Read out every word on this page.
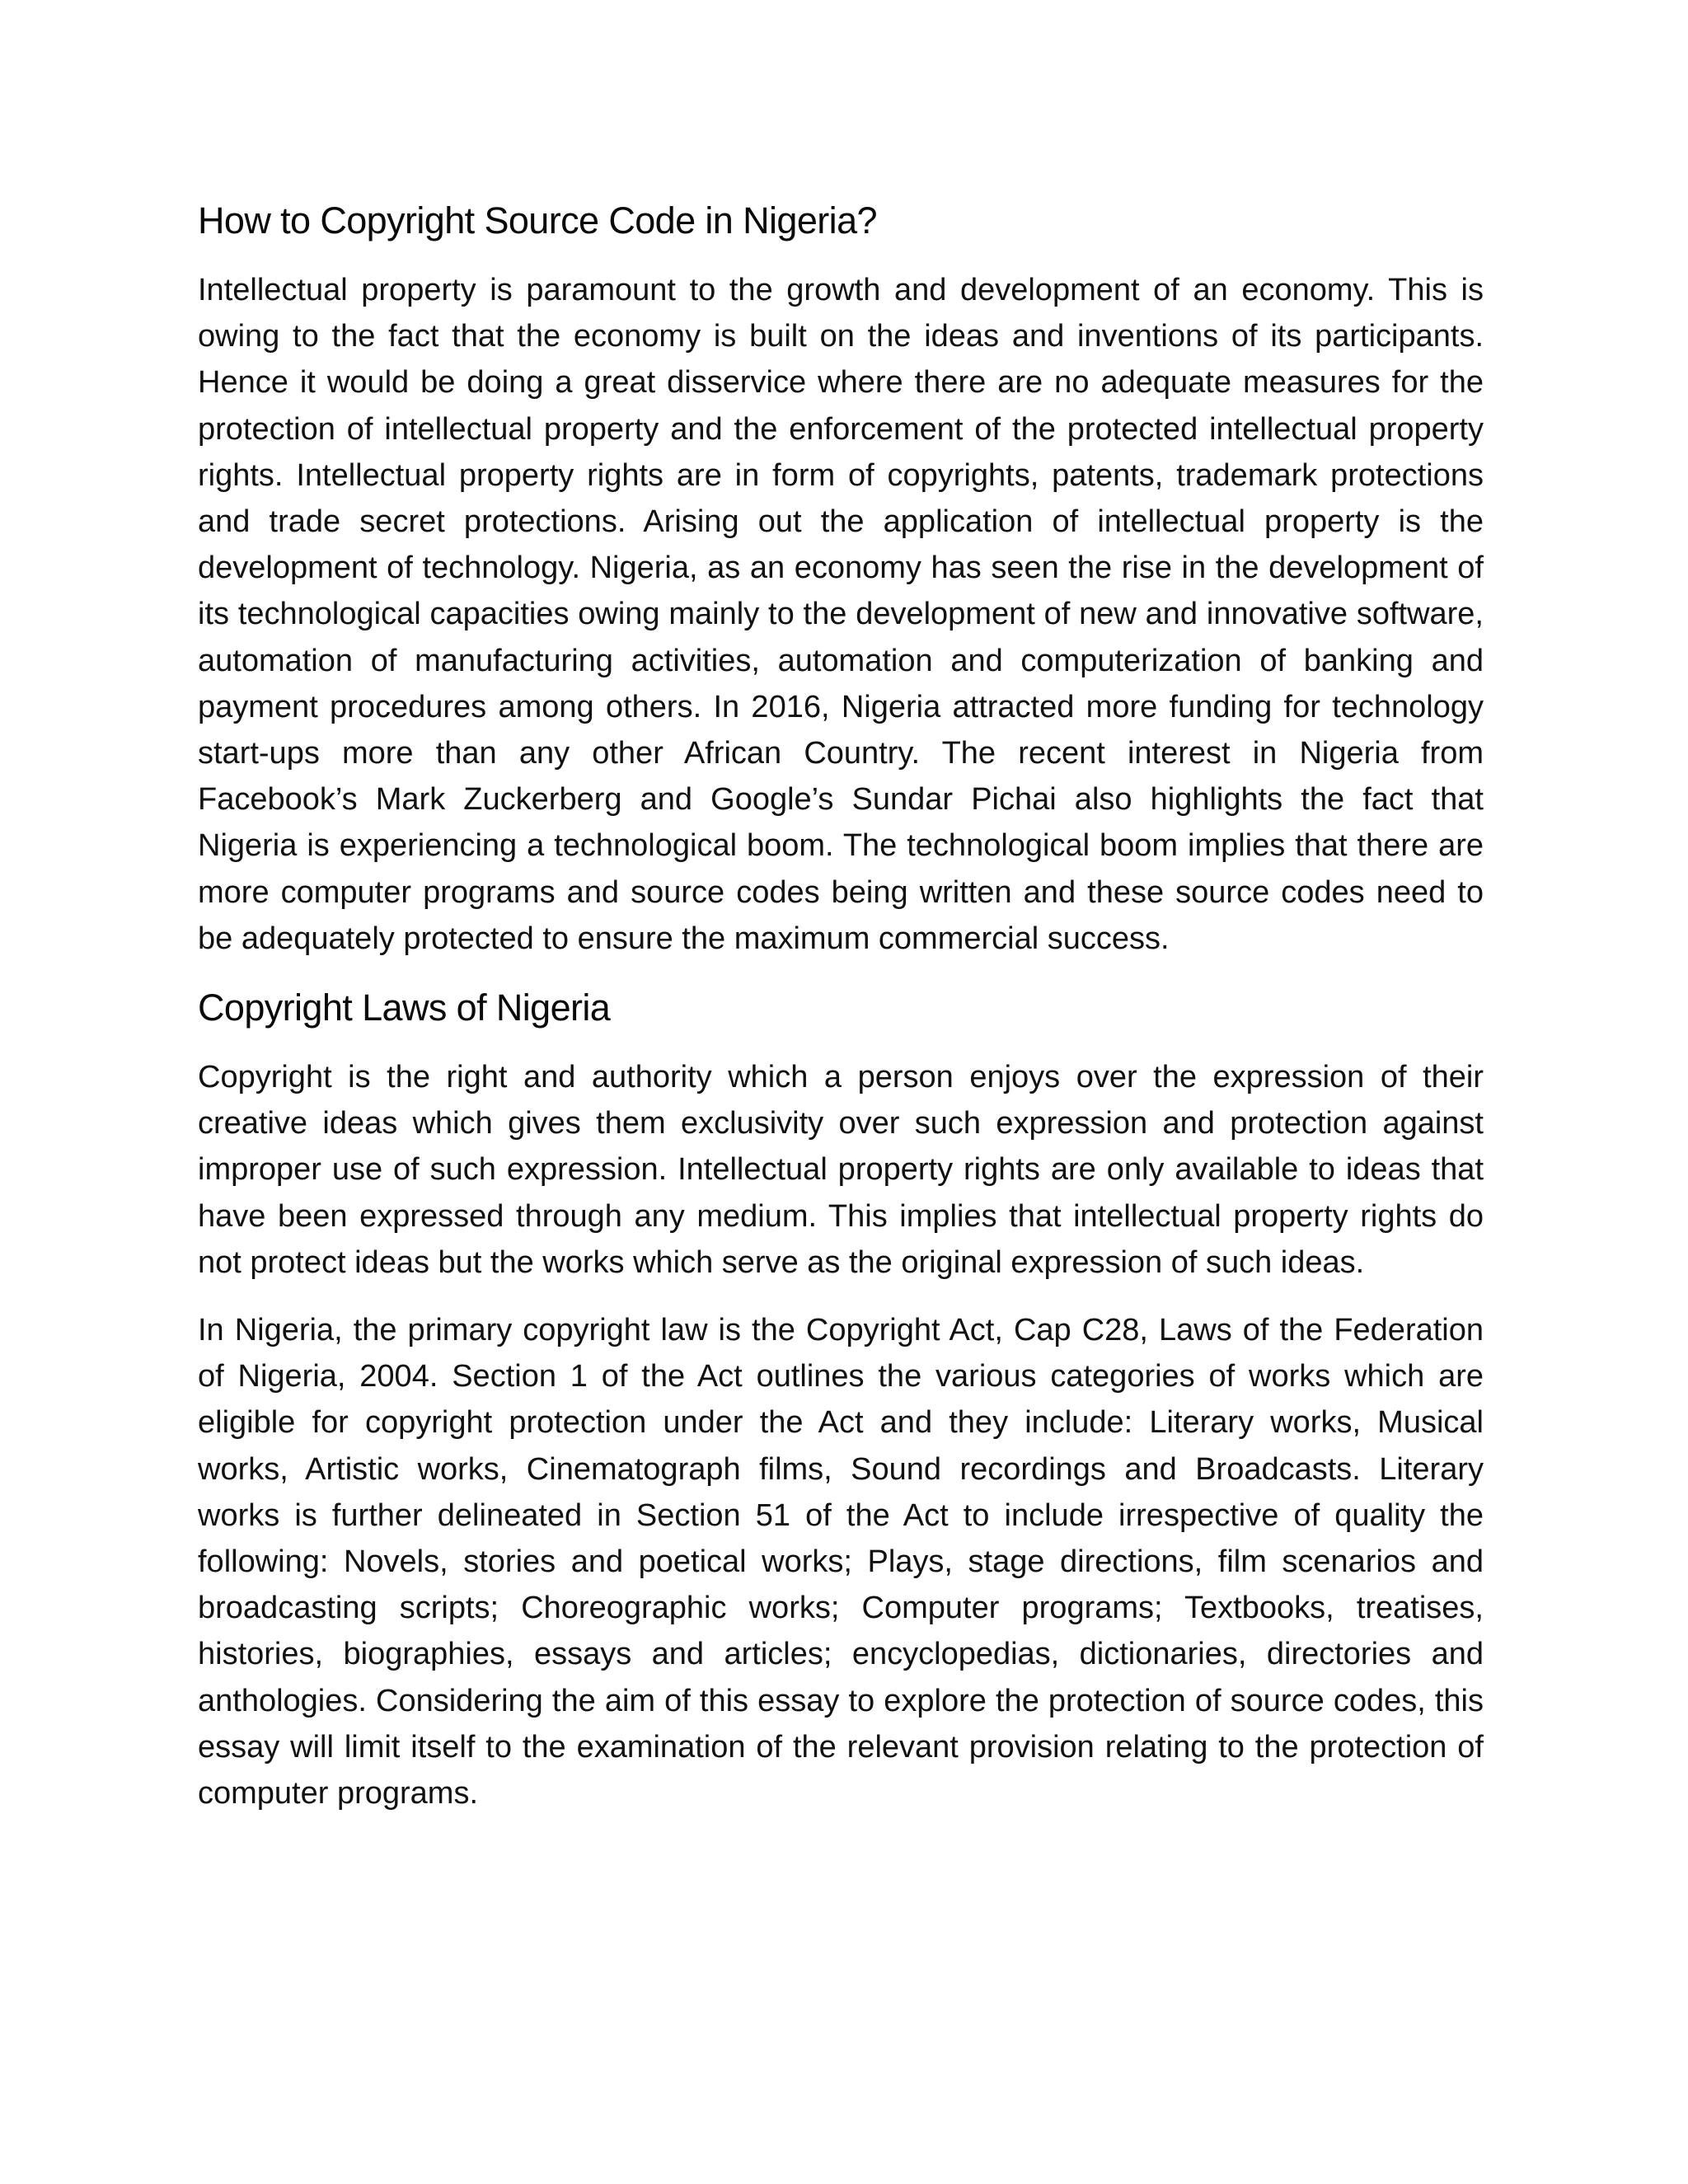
How to Copyright Source Code in Nigeria?

Intellectual property is paramount to the growth and development of an economy. This is owing to the fact that the economy is built on the ideas and inventions of its participants. Hence it would be doing a great disservice where there are no adequate measures for the protection of intellectual property and the enforcement of the protected intellectual property rights. Intellectual property rights are in form of copyrights, patents, trademark protections and trade secret protections. Arising out the application of intellectual property is the development of technology. Nigeria, as an economy has seen the rise in the development of its technological capacities owing mainly to the development of new and innovative software, automation of manufacturing activities, automation and computerization of banking and payment procedures among others. In 2016, Nigeria attracted more funding for technology start-ups more than any other African Country. The recent interest in Nigeria from Facebook’s Mark Zuckerberg and Google’s Sundar Pichai also highlights the fact that Nigeria is experiencing a technological boom. The technological boom implies that there are more computer programs and source codes being written and these source codes need to be adequately protected to ensure the maximum commercial success.

Copyright Laws of Nigeria

Copyright is the right and authority which a person enjoys over the expression of their creative ideas which gives them exclusivity over such expression and protection against improper use of such expression. Intellectual property rights are only available to ideas that have been expressed through any medium. This implies that intellectual property rights do not protect ideas but the works which serve as the original expression of such ideas.

In Nigeria, the primary copyright law is the Copyright Act, Cap C28, Laws of the Federation of Nigeria, 2004. Section 1 of the Act outlines the various categories of works which are eligible for copyright protection under the Act and they include: Literary works, Musical works, Artistic works, Cinematograph films, Sound recordings and Broadcasts. Literary works is further delineated in Section 51 of the Act to include irrespective of quality the following: Novels, stories and poetical works; Plays, stage directions, film scenarios and broadcasting scripts; Choreographic works; Computer programs; Textbooks, treatises, histories, biographies, essays and articles; encyclopedias, dictionaries, directories and anthologies. Considering the aim of this essay to explore the protection of source codes, this essay will limit itself to the examination of the relevant provision relating to the protection of computer programs.
